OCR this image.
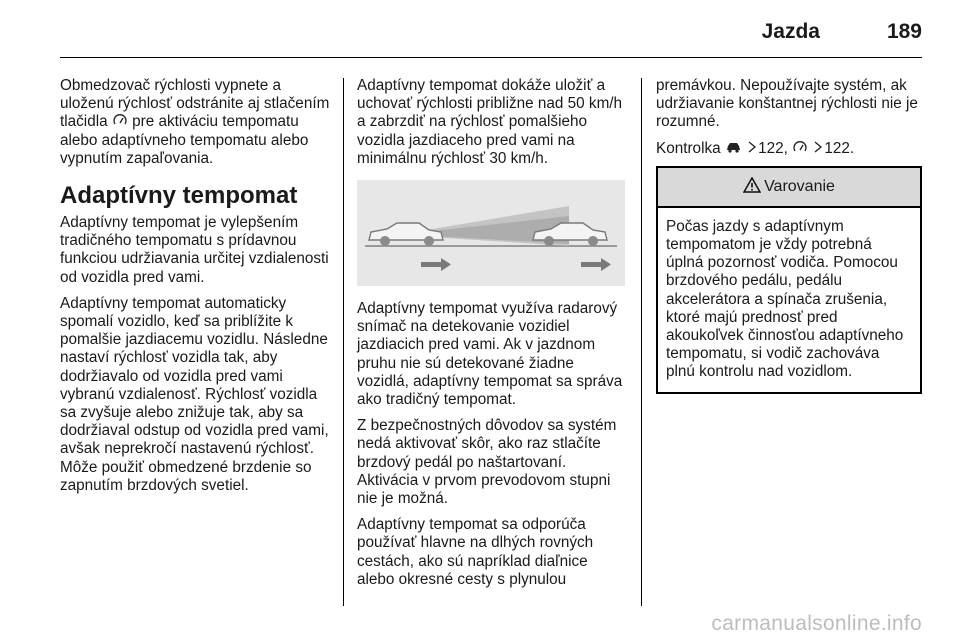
Jazda	189

Obmedzovač rýchlosti vypnete a uloženú rýchlosť odstránite aj stlačením tlačidla  pre aktiváciu tempomatu alebo adaptívneho tempomatu alebo vypnutím zapaľovania.

Adaptívny tempomat

Adaptívny tempomat je vylepšením tradičného tempomatu s prídavnou funkciou udržiavania určitej vzdialenosti od vozidla pred vami.

Adaptívny tempomat automaticky spomalí vozidlo, keď sa priblížite k pomalšie jazdiacemu vozidlu. Následne nastaví rýchlosť vozidla tak, aby dodržiavalo od vozidla pred vami vybranú vzdialenosť. Rýchlosť vozidla sa zvyšuje alebo znižuje tak, aby sa dodržiaval odstup od vozidla pred vami, avšak neprekročí nastavenú rýchlosť. Môže použiť obmedzené brzdenie so zapnutím brzdových svetiel.

Adaptívny tempomat dokáže uložiť a uchovať rýchlosti približne nad 50 km/h a zabrzdiť na rýchlosť pomalšieho vozidla jazdiaceho pred vami na minimálnu rýchlosť 30 km/h.

Adaptívny tempomat využíva radarový snímač na detekovanie vozidiel jazdiacich pred vami. Ak v jazdnom pruhu nie sú detekované žiadne vozidlá, adaptívny tempomat sa správa ako tradičný tempomat.

Z bezpečnostných dôvodov sa systém nedá aktivovať skôr, ako raz stlačíte brzdový pedál po naštartovaní. Aktivácia v prvom prevodovom stupni nie je možná.

Adaptívny tempomat sa odporúča používať hlavne na dlhých rovných cestách, ako sú napríklad diaľnice alebo okresné cesty s plynulou

premávkou. Nepoužívajte systém, ak udržiavanie konštantnej rýchlosti nie je rozumné.

Kontrolka 122, 122.

Varovanie
Počas jazdy s adaptívnym tempomatom je vždy potrebná úplná pozornosť vodiča. Pomocou brzdového pedálu, pedálu akcelerátora a spínača zrušenia, ktoré majú prednosť pred akoukoľvek činnosťou adaptívneho tempomatu, si vodič zachováva plnú kontrolu nad vozidlom.
carmanualsonline.info
